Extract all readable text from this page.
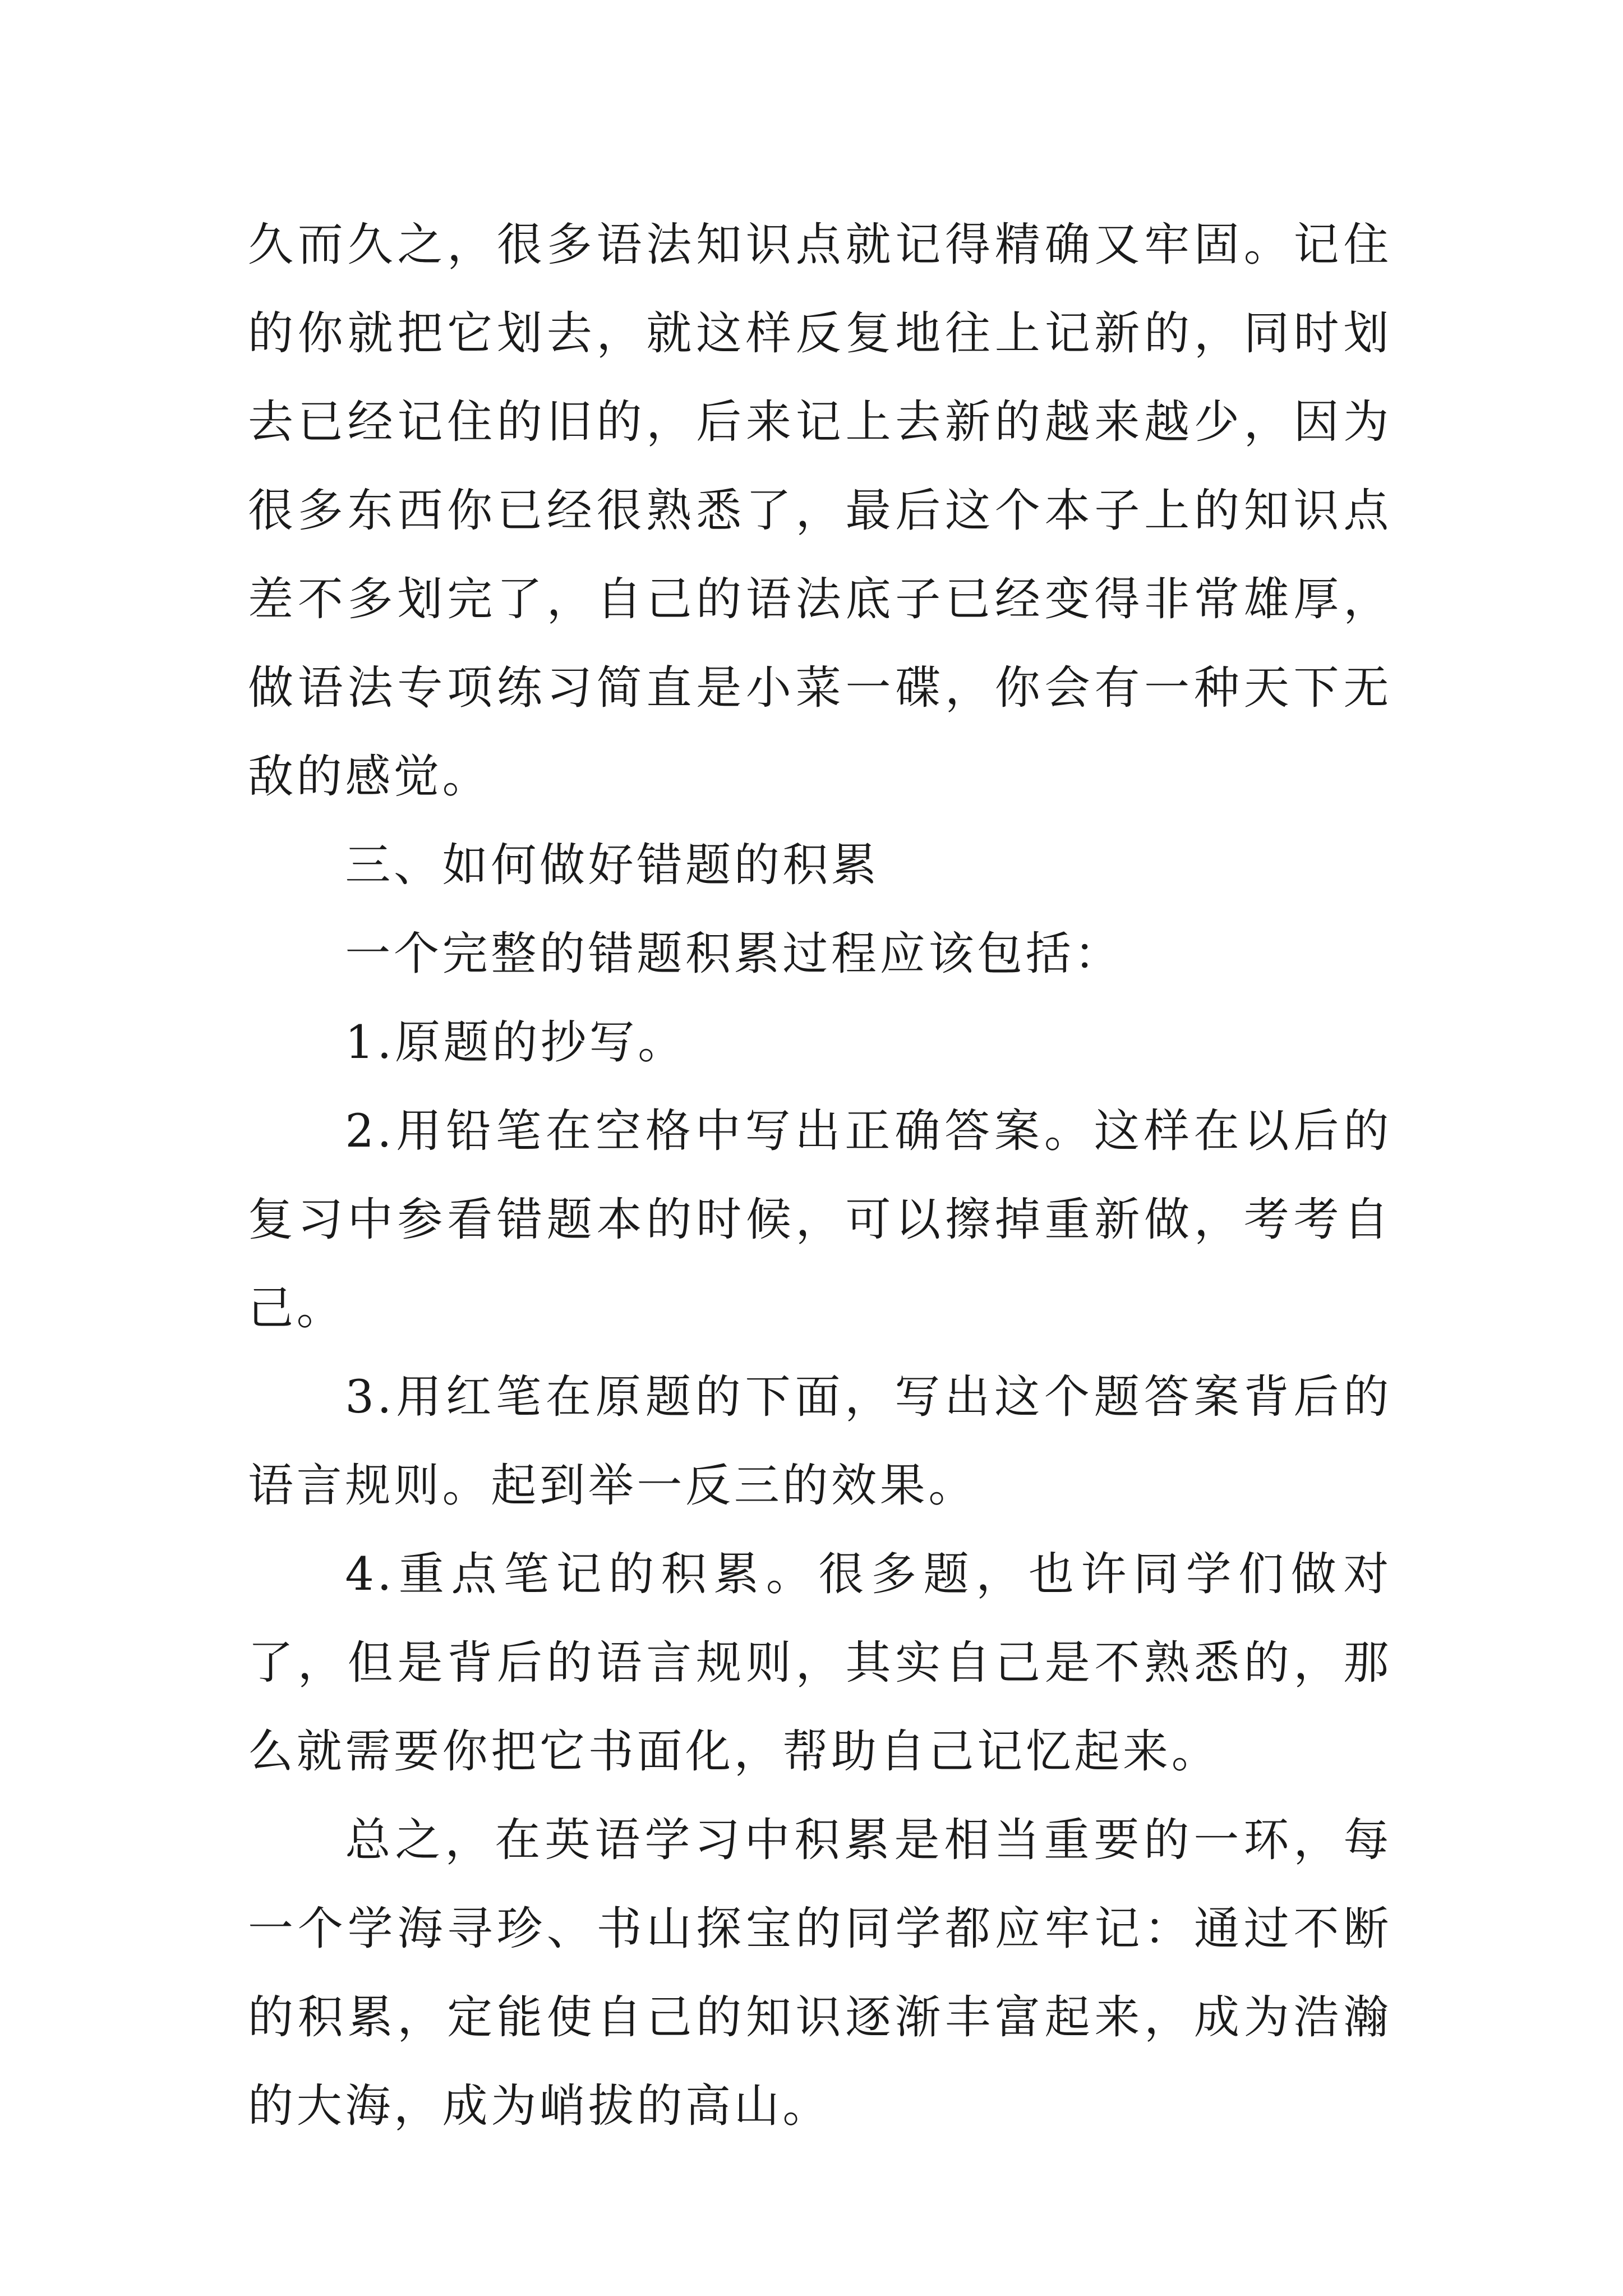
久而久之，很多语法知识点就记得精确又牢固。记住的你就把它划去，就这样反复地往上记新的，同时划去已经记住的旧的，后来记上去新的越来越少，因为很多东西你已经很熟悉了，最后这个本子上的知识点差不多划完了，自己的语法底子已经变得非常雄厚，做语法专项练习简直是小菜一碟，你会有一种天下无敌的感觉。

三、如何做好错题的积累

一个完整的错题积累过程应该包括：

1.原题的抄写。

2.用铅笔在空格中写出正确答案。这样在以后的复习中参看错题本的时候，可以擦掉重新做，考考自己。

3.用红笔在原题的下面，写出这个题答案背后的语言规则。起到举一反三的效果。

4.重点笔记的积累。很多题，也许同学们做对了，但是背后的语言规则，其实自己是不熟悉的，那么就需要你把它书面化，帮助自己记忆起来。

总之，在英语学习中积累是相当重要的一环，每一个学海寻珍、书山探宝的同学都应牢记：通过不断的积累，定能使自己的知识逐渐丰富起来，成为浩瀚的大海，成为峭拔的高山。
